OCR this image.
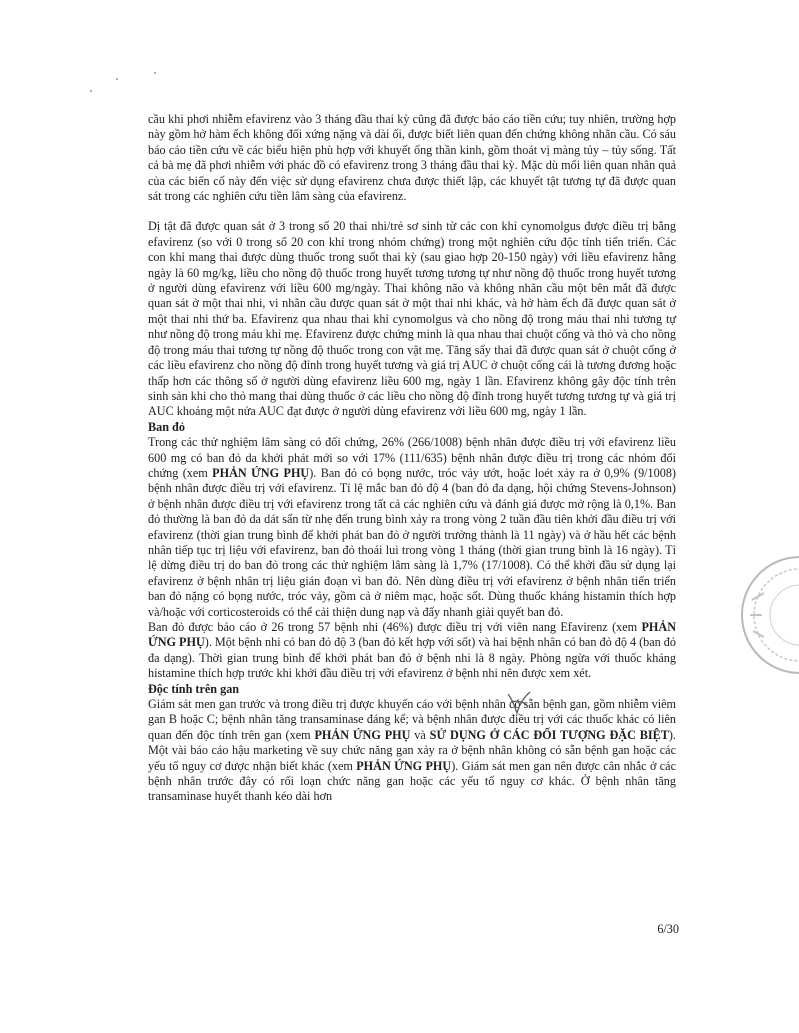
cầu khi phơi nhiễm efavirenz vào 3 tháng đầu thai kỳ cũng đã được báo cáo tiền cứu; tuy nhiên, trường hợp này gồm hở hàm ếch không đối xứng nặng và dài ối, được biết liên quan đến chứng không nhãn cầu. Có sáu báo cáo tiền cứu về các biểu hiện phù hợp với khuyết ống thần kinh, gồm thoát vị màng tủy – tủy sống. Tất cả bà mẹ đã phơi nhiễm với phác đồ có efavirenz trong 3 tháng đầu thai kỳ. Mặc dù mối liên quan nhân quả của các biến cố này đến việc sử dụng efavirenz chưa được thiết lập, các khuyết tật tương tự đã được quan sát trong các nghiên cứu tiền lâm sàng của efavirenz.

Dị tật đã được quan sát ở 3 trong số 20 thai nhi/trẻ sơ sinh từ các con khỉ cynomolgus được điều trị bằng efavirenz (so với 0 trong số 20 con khỉ trong nhóm chứng) trong một nghiên cứu độc tính tiến triển. Các con khỉ mang thai được dùng thuốc trong suốt thai kỳ (sau giao hợp 20-150 ngày) với liều efavirenz hằng ngày là 60 mg/kg, liều cho nồng độ thuốc trong huyết tương tương tự như nồng độ thuốc trong huyết tương ở người dùng efavirenz với liều 600 mg/ngày. Thai không não và không nhãn cầu một bên mắt đã được quan sát ở một thai nhi, vi nhãn cầu được quan sát ở một thai nhi khác, và hở hàm ếch đã được quan sát ở một thai nhi thứ ba. Efavirenz qua nhau thai khỉ cynomolgus và cho nồng độ trong máu thai nhi tương tự như nồng độ trong máu khỉ mẹ. Efavirenz được chứng minh là qua nhau thai chuột cống và thỏ và cho nồng độ trong máu thai tương tự nồng độ thuốc trong con vật mẹ. Tăng sẩy thai đã được quan sát ở chuột cống ở các liều efavirenz cho nồng độ đỉnh trong huyết tương và giá trị AUC ở chuột cống cái là tương đương hoặc thấp hơn các thông số ở người dùng efavirenz liều 600 mg, ngày 1 lần. Efavirenz không gây độc tính trên sinh sản khi cho thỏ mang thai dùng thuốc ở các liều cho nồng độ đỉnh trong huyết tương tương tự và giá trị AUC khoảng một nửa AUC đạt được ở người dùng efavirenz với liều 600 mg, ngày 1 lần.

Ban đỏ

Trong các thử nghiệm lâm sàng có đối chứng, 26% (266/1008) bệnh nhân được điều trị với efavirenz liều 600 mg có ban đỏ da khởi phát mới so với 17% (111/635) bệnh nhân được điều trị trong các nhóm đối chứng (xem PHẢN ỨNG PHỤ). Ban đỏ có bọng nước, tróc vảy ướt, hoặc loét xảy ra ở 0,9% (9/1008) bệnh nhân được điều trị với efavirenz. Tỉ lệ mắc ban đỏ độ 4 (ban đỏ đa dạng, hội chứng Stevens-Johnson) ở bệnh nhân được điều trị với efavirenz trong tất cả các nghiên cứu và đánh giá được mở rộng là 0,1%. Ban đỏ thường là ban đỏ da dát sẩn từ nhẹ đến trung bình xảy ra trong vòng 2 tuần đầu tiên khởi đầu điều trị với efavirenz (thời gian trung bình để khởi phát ban đỏ ở người trưởng thành là 11 ngày) và ở hầu hết các bệnh nhân tiếp tục trị liệu với efavirenz, ban đỏ thoái lui trong vòng 1 tháng (thời gian trung bình là 16 ngày). Tỉ lệ dừng điều trị do ban đỏ trong các thử nghiệm lâm sàng là 1,7% (17/1008). Có thể khởi đầu sử dụng lại efavirenz ở bệnh nhân trị liệu gián đoạn vì ban đỏ. Nên dùng điều trị với efavirenz ở bệnh nhân tiến triển ban đỏ nặng có bọng nước, tróc vảy, gồm cả ở niêm mạc, hoặc sốt. Dùng thuốc kháng histamin thích hợp và/hoặc với corticosteroids có thể cải thiện dung nạp và đẩy nhanh giải quyết ban đỏ.

Ban đỏ được báo cáo ở 26 trong 57 bệnh nhi (46%) được điều trị với viên nang Efavirenz (xem PHẢN ỨNG PHỤ). Một bệnh nhi có ban đỏ độ 3 (ban đỏ kết hợp với sốt) và hai bệnh nhân có ban đỏ độ 4 (ban đỏ đa dạng). Thời gian trung bình để khởi phát ban đỏ ở bệnh nhi là 8 ngày. Phòng ngừa với thuốc kháng histamine thích hợp trước khi khởi đầu điều trị với efavirenz ở bệnh nhi nên được xem xét.

Độc tính trên gan

Giám sát men gan trước và trong điều trị được khuyến cáo với bệnh nhân có sẵn bệnh gan, gồm nhiễm viêm gan B hoặc C; bệnh nhân tăng transaminase đáng kể; và bệnh nhân được điều trị với các thuốc khác có liên quan đến độc tính trên gan (xem PHẢN ỨNG PHỤ và SỬ DỤNG Ở CÁC ĐỐI TƯỢNG ĐẶC BIỆT). Một vài báo cáo hậu marketing về suy chức năng gan xảy ra ở bệnh nhân không có sẵn bệnh gan hoặc các yếu tố nguy cơ được nhận biết khác (xem PHẢN ỨNG PHỤ). Giám sát men gan nên được cân nhắc ở các bệnh nhân trước đây có rối loạn chức năng gan hoặc các yếu tố nguy cơ khác. Ở bệnh nhân tăng transaminase huyết thanh kéo dài hơn

6/30
